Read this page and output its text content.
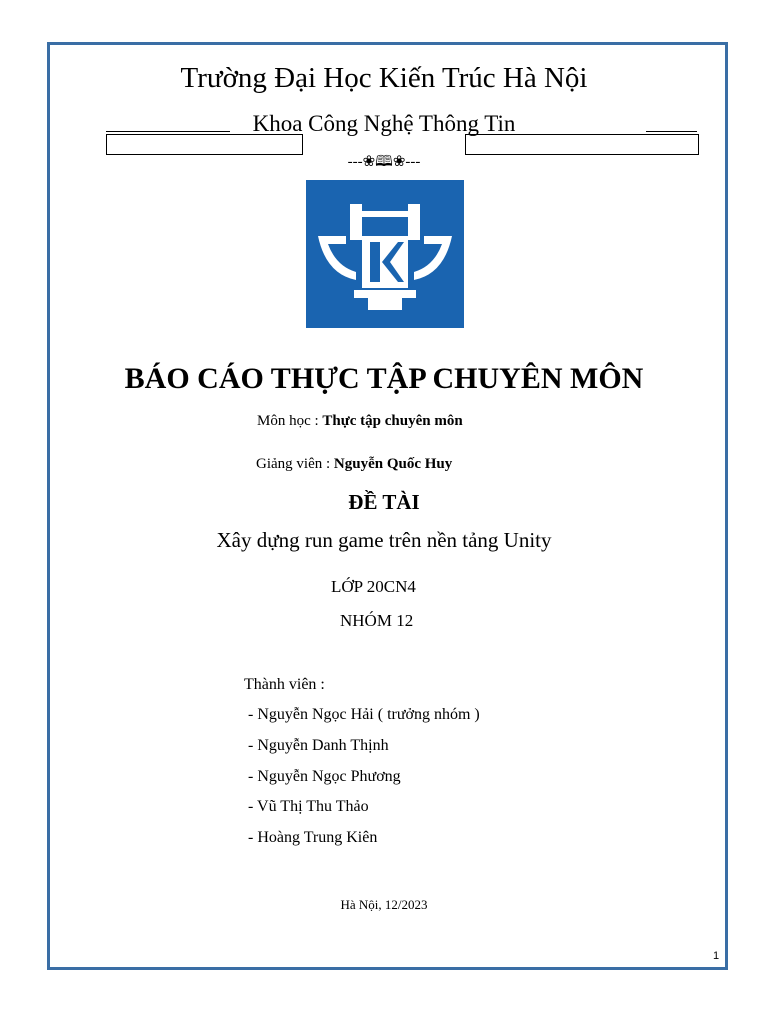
Trường Đại Học Kiến Trúc Hà Nội
Khoa Công Nghệ Thông Tin
---❀🕮❀---
BÁO CÁO THỰC TẬP CHUYÊN MÔN
Môn học : Thực tập chuyên môn
Giảng viên : Nguyễn Quốc Huy
ĐỀ TÀI
Xây dựng run game trên nền tảng Unity
LỚP 20CN4
NHÓM 12
Thành viên :
- Nguyễn Ngọc Hải ( trưởng nhóm )
- Nguyễn Danh Thịnh
- Nguyễn Ngọc Phương
- Vũ Thị Thu Thảo
- Hoàng Trung Kiên
Hà Nội, 12/2023
1
